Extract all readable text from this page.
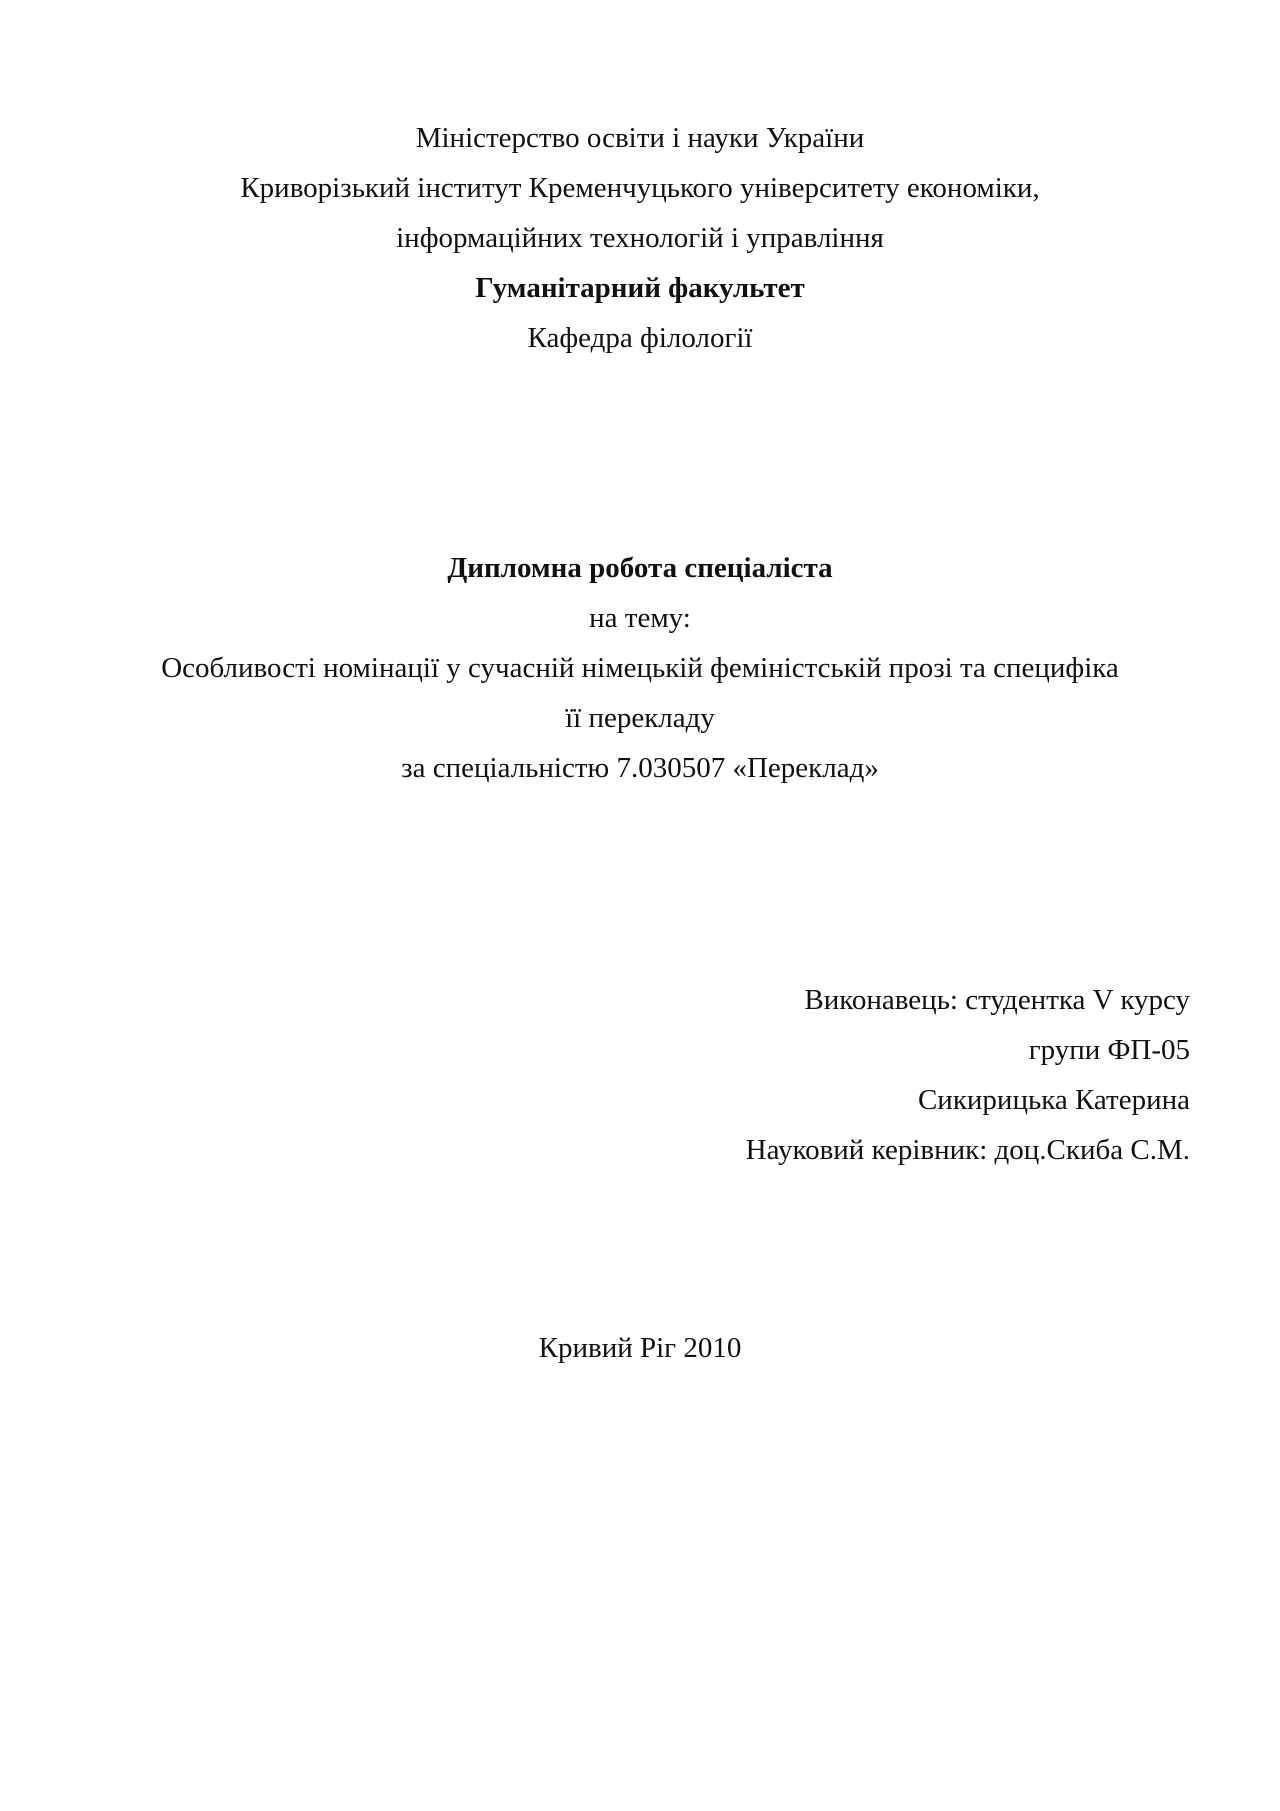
Міністерство освіти і науки України
Криворізький інститут Кременчуцького університету економіки,
інформаційних технологій і управління
Гуманітарний факультет
Кафедра філології
Дипломна робота спеціаліста
на тему:
Особливості номінації у сучасній німецькій феміністській прозі та специфіка
її перекладу
за спеціальністю 7.030507 «Переклад»
Виконавець: студентка V курсу
групи ФП-05
Сикирицька Катерина
Науковий керівник: доц.Скиба С.М.
Кривий Ріг 2010
